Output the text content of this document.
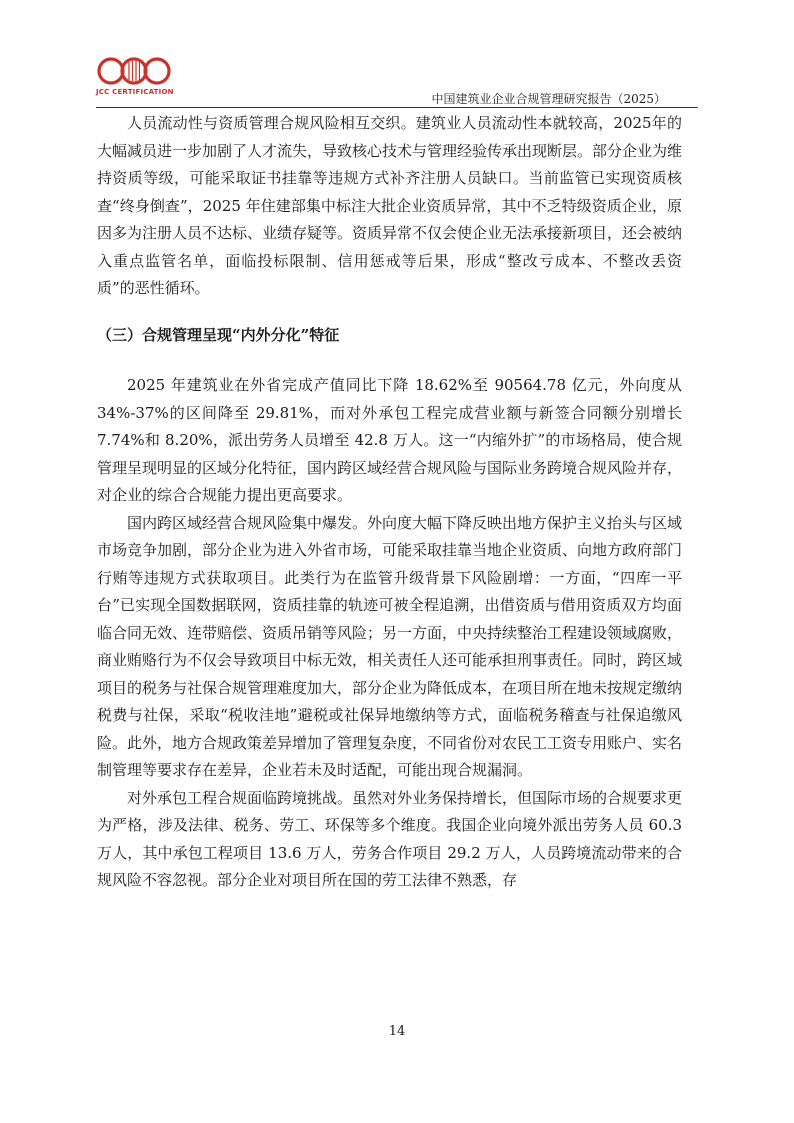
JCC CERTIFICATION	中国建筑业企业合规管理研究报告（2025）

人员流动性与资质管理合规风险相互交织。建筑业人员流动性本就较高，2025年的大幅减员进一步加剧了人才流失，导致核心技术与管理经验传承出现断层。部分企业为维持资质等级，可能采取证书挂靠等违规方式补齐注册人员缺口。当前监管已实现资质核查“终身倒查”，2025 年住建部集中标注大批企业资质异常，其中不乏特级资质企业，原因多为注册人员不达标、业绩存疑等。资质异常不仅会使企业无法承接新项目，还会被纳入重点监管名单，面临投标限制、信用惩戒等后果，形成“整改亏成本、不整改丢资质”的恶性循环。

（三）合规管理呈现“内外分化”特征

2025 年建筑业在外省完成产值同比下降 18.62%至 90564.78 亿元，外向度从34%-37%的区间降至 29.81%，而对外承包工程完成营业额与新签合同额分别增长 7.74%和 8.20%，派出劳务人员增至 42.8 万人。这一“内缩外扩”的市场格局，使合规管理呈现明显的区域分化特征，国内跨区域经营合规风险与国际业务跨境合规风险并存，对企业的综合合规能力提出更高要求。

国内跨区域经营合规风险集中爆发。外向度大幅下降反映出地方保护主义抬头与区域市场竞争加剧，部分企业为进入外省市场，可能采取挂靠当地企业资质、向地方政府部门行贿等违规方式获取项目。此类行为在监管升级背景下风险剧增：一方面，“四库一平台”已实现全国数据联网，资质挂靠的轨迹可被全程追溯，出借资质与借用资质双方均面临合同无效、连带赔偿、资质吊销等风险；另一方面，中央持续整治工程建设领域腐败，商业贿赂行为不仅会导致项目中标无效，相关责任人还可能承担刑事责任。同时，跨区域项目的税务与社保合规管理难度加大，部分企业为降低成本，在项目所在地未按规定缴纳税费与社保，采取“税收洼地”避税或社保异地缴纳等方式，面临税务稽查与社保追缴风险。此外，地方合规政策差异增加了管理复杂度，不同省份对农民工工资专用账户、实名制管理等要求存在差异，企业若未及时适配，可能出现合规漏洞。

对外承包工程合规面临跨境挑战。虽然对外业务保持增长，但国际市场的合规要求更为严格，涉及法律、税务、劳工、环保等多个维度。我国企业向境外派出劳务人员 60.3 万人，其中承包工程项目 13.6 万人，劳务合作项目 29.2 万人，人员跨境流动带来的合规风险不容忽视。部分企业对项目所在国的劳工法律不熟悉，存

14
